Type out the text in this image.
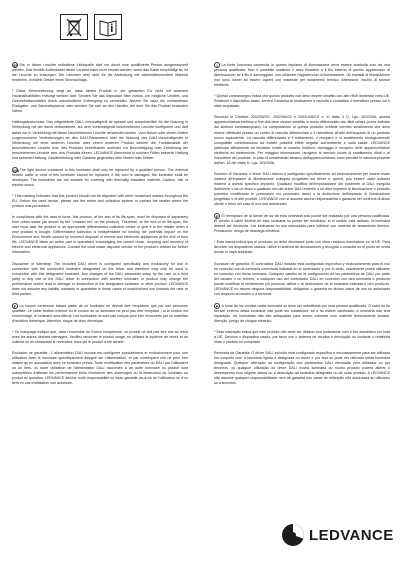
35 Die in dieser Leuchte enthaltene Lichtquelle darf nur durch eine qualifizierte Person ausgewechselt werden. Das flexible Außenkabel dieser Leuchte kann nicht ersetzt werden; wenn das Kabel beschädigt ist, ist die Leuchte zu entsorgen. Die Leuchten sind nicht für die Abdeckung mit wärmedämmendem Material bestimmt. Vorsicht! Gefahr eines Stromschlags.

* Diese Kennzeichnung zeigt an, dass dieses Produkt in der gesamten EU nicht mit anderem Haushaltsabfällen entsorgt werden darf. Senden Sie das Altprodukt bitte zurück, um mögliche Umwelt- und Gesundheitsschäden durch unkontrollierte Entsorgung zu vermeiden. Nutzen Sie dazu die vorhandenen Rückgabe- und Sammelsysteme oder wenden Sie sich an den Händler, bei dem Sie das Produkt erstanden haben.

Haftungsausschluss: Das mitgelieferte DALI-Vorschaltgerät ist speziell und ausschließlich für die Nutzung in Verbindung mit der damit verbundenen, auf dem Vorschaltgerät beschriebenen Leuchte konfiguriert und darf daher nur in Verbindung mit dieser beschriebenen Leuchte verwendet werden. Vom Nutzer oder einem Dritten vorgenommene Veränderungen an den DALI-Parametern oder die Nutzung des DALI-Vorschaltgeräts in Verbindung mit einer anderen Leuchte oder einem anderen Produkt können die Funktionalität der beschriebenen Leuchte bzw. des Produkts beeinflussen und/oder zur Beschädigung oder Zerstörung der beschriebenen Leuchte bzw. des Produkts führen. LEDVANCE übernimmt in solchen Fällen keinerlei Haftung und keinerlei Haftung. Gewährleistung oder Garantie gegenüber dem Nutzer oder Dritten.

GBThe light source contained in this luminaire shall only be replaced by a qualified person. The external flexible cable or cord of this luminaire cannot be replaced; if the cord is damaged, the luminaire shall be destroyed. The luminaires are not suitable for covering with thermally insulated material. Caution, risk of electric shock.

* This marking indicates that this product should not be disposed with other household wastes throughout the EU. Return the used device, please use the return and collection system or contact the retailer where the product was purchased.

In compliance with the laws in force, this product, at the end of its life-span, must be disposed of separately from urban waste (as shown by the "crossed bin" on the product). Therefore, at the end of its life-span, the user must take the product to an appropriate differentiated collection centre or give it to the retailer when a new product is bought. Differentiated collection is indispensable for limiting the potential impact on the Environment and Health caused by incorrect disposal of electric and electronic appliances at the end of their life. LEDVANCE takes an active part in operations encouraging the correct reuse, recycling and recovery of electric and electronic appliances. Contact the local waste disposal service or the product's retailer for further information.

Disclaimer of Warranty: The included DALI driver is configured specifically and exclusively for use in connection with the connected luminaire designated on the driver and therefore may only be used in connection with this designated luminaire. Any changes of the DALI parameter setup by the user or a third party or any use of the DALI driver in connection with another luminaire or product may change the performance and/or lead to damage or destruction of the designated luminaire or other product. LEDVANCE does not assume any liability, warranty or guarantee in those cases of unauthorized use towards the user or third parties.

F La source lumineuse faisant partie de ce luminaire ne devrait être remplacée que par une personne qualifiée. Le câble flexible externe ou le cordon de ce luminaire ne peut pas être remplacé ; si le cordon est endommagé, le luminaire sera détruit. Les luminaires ne sont pas conçus pour être recouverts par un matériau d'isolation thermique. Attention, risque de choc électrique.

* Ce marquage indique que, dans l'ensemble de l'Union européenne, ce produit ne doit pas être mis au rebut avec les autres déchets ménagers. Veuillez retourner le produit usagé, en utilisant le système de retour et de collecte ou en contactant le revendeur chez qui le produit a été acheté.

Exclusion de garantie : L'alimentation DALI incluse est configurée spécialement et exclusivement pour une utilisation avec le luminaire spécifiquement désigné sur l'alimentation, et par conséquent elle ne peut être utilisée qu'en association avec ce luminaire précis. Toute modification des paramètres du DALI par l'utilisateur ou un tiers, ou toute utilisation de l'alimentation DALI raccordée à un autre luminaire ou produit sont susceptibles d'affecter les performances et/ou d'entraîner des dommages ou la destruction du luminaire ou produit en question. LEDVANCE décline toute responsabilité ou toute garantie vis-à-vis de l'utilisateur ou d'un tiers en cas d'utilisation non autorisée.

I La fonte luminosa contenuta in questo impianto di illuminazione deve essere sostituita solo da una persona qualificata. Non è possibile sostituire il cavo flessibile o il filo esterno di questo apparecchio di illuminazione; se il filo è danneggiato, non utilizzare l'apparecchio di illuminazione. Gli impianti di illuminazione non sono idonei ad essere coperti con materiale per isolamento termico. Attenzione, rischio di scosse elettriche.

* Questo contrassegno indica che questo prodotto non deve essere smaltito con altri rifiuti domestici nella UE. Restituire il dispositivo usato, servirsi il sistema di restituzione e raccolta o contattare il rivenditore presso cui è stato acquistato.

Secondo le Direttive 2002/95/CE, 2002/96/CE e 2003/108/CE e, in Italia, il D. Lgs. 151/2006, questa apparecchiatura elettrica a fine vita deve essere smaltita in modo differenziato dai rifiuti urbani (come indicato dal simbolo contrassegnato). La composizione di questo prodotto richiede corretto smaltimento che deve essere effettuato presso un centro di raccolta differenziata o il rivenditore all'atto dell'acquisto di un prodotto nuovo equivalente. La raccolta differenziata e il trattamento, il recupero e lo smaltimento ecologicamente compatibile contribuiscono ad evitare possibili effetti negativi sull'ambiente e sulla salute. LEDVANCE partecipa attivamente ad iniziative mirate al corretto riutilizzo, riciclaggio e recupero delle apparecchiature elettriche ed elettroniche. Per maggiori informazioni, rivolgersi al servizio locale di smaltimento rifiuti o al rivenditore del prodotto. In caso di smaltimento abusivo dell'apparecchiatura, sono previste le sanzioni previste dall'art. 16 del citato D. Lgs. 151/2006.

Esonero di Garanzia: Il driver DALI incluso è configurato specificamente ed esclusivamente per essere usato insieme all'impianto di illuminazione collegato progettato sul driver e, quindi, può essere usato soltanto insieme a questo specifico impianto. Qualsiasi modifica dell'impostazione dei parametri di DALI eseguita dall'utente o da un terzo o qualsiasi uso del driver DALI insieme a un altro impianto di illuminazione o prodotto potrebbe modificarne le prestazioni e/o provocare danni o la distruzione dell'impianto di illuminazione progettato o di altri prodotti. LEDVANCE non si assume alcuna responsabilità o garanzia nei confronti di alcun utente o terzo nel caso di uso non autorizzato.

E El reemplazo de la fuente de luz de esta luminaria solo puede ser realizado por una persona cualificada. El cordón o cable flexible de esta luminaria no puede ser sustituido; si el cordón está dañado, la luminaria deberá ser destruida. Las luminarias no son adecuadas para cubrirse con material de aislamiento térmico. Precaución, riesgo de descarga eléctrica.

* Esta marca indica que el producto no debe eliminarse junto con otros residuos domésticos en la UE. Para devolver los dispositivos usados, utilice el sistema de devoluciones y recogida o consulte en el punto de venta donde lo haya adquirido.

Exclusión de garantía: El controlador DALI incluido está configurado específica y exclusivamente para el uso en conexión con la luminaria conectada indicada en el controlador y, por lo tanto, únicamente podrá utilizarse en conexión con dicha luminaria. Cualquier cambio en la configuración de los parámetros de DALI por parte del usuario o un tercero, o cualquier uso del controlador DALI en conexión con otra luminaria o producto puede modificar el rendimiento y/o provocar daños o la destrucción de la luminaria indicada u otro producto. LEDVANCE no asume ninguna responsabilidad, obligación o garantía en dichos casos de uso no autorizado con respecto al usuario o a terceros.

P A fonte de luz contida nesta luminária só deve ser substituída por uma pessoa qualificada. O cabo ou fio flexível externo desta luminária não pode ser substituído; se o fio estiver danificado, a luminária não terá reparação. As luminárias não são adequadas para serem cobertas com material termicamente isolado. Atenção, perigo de choque eléctrico.

* Esta marcação indica que este produto não deve ser deitado fora juntamente com o lixo doméstico em toda a UE. Devolva o dispositivo usado, por favor use o sistema de recolha e devolução ou contacte o retalhista onde o produto foi comprado.

Renúncia de Garantia: O driver DALI incluído está configurado específica e exclusivamente para ser utilizado em conjunto com a luminária ligada e designada no driver e por isso só pode ser utilizado nesta luminária designada. Qualquer alteração na configuração dos parâmetros DALI efectuada pelo utilizador ou por terceiros, ou qualquer utilização do driver DALI noutra luminária ou noutro produto poderá alterar o desempenho e/ou originar danos ou a destruição da luminária designada ou de outro produto. A LEDVANCE não assume qualquer responsabilidade nem dá garantia nos casos de utilização não autorizada ao utilizador ou a terceiros.

LEDVANCE
